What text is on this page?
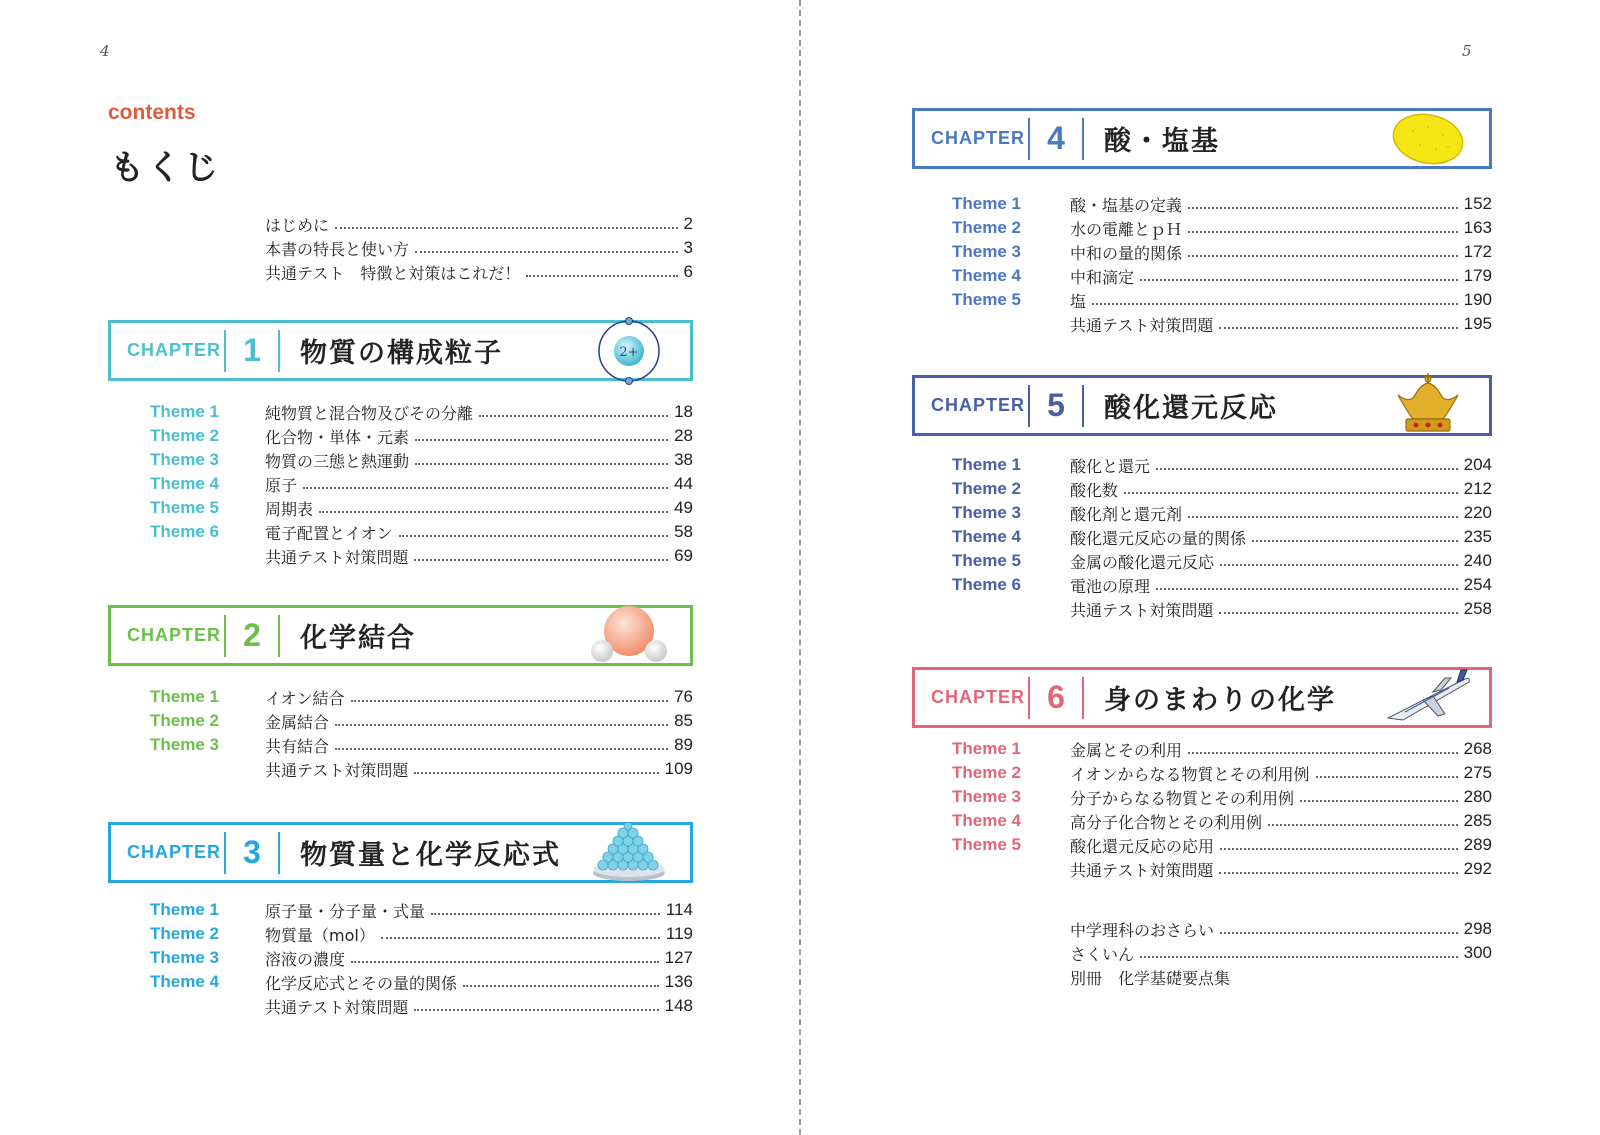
4
contents
もくじ
はじめに	2
本書の特長と使い方	3
共通テスト　特徴と対策はこれだ！	6
CHAPTER 1	物質の構成粒子	2+
Theme 1	純物質と混合物及びその分離	18
Theme 2	化合物・単体・元素	28
Theme 3	物質の三態と熱運動	38
Theme 4	原子	44
Theme 5	周期表	49
Theme 6	電子配置とイオン	58
共通テスト対策問題	69
CHAPTER 2	化学結合
Theme 1	イオン結合	76
Theme 2	金属結合	85
Theme 3	共有結合	89
共通テスト対策問題	109
CHAPTER 3	物質量と化学反応式
Theme 1	原子量・分子量・式量	114
Theme 2	物質量（mol）	119
Theme 3	溶液の濃度	127
Theme 4	化学反応式とその量的関係	136
共通テスト対策問題	148
5
CHAPTER 4	酸・塩基
Theme 1	酸・塩基の定義	152
Theme 2	水の電離とｐＨ	163
Theme 3	中和の量的関係	172
Theme 4	中和滴定	179
Theme 5	塩	190
共通テスト対策問題	195
CHAPTER 5	酸化還元反応
Theme 1	酸化と還元	204
Theme 2	酸化数	212
Theme 3	酸化剤と還元剤	220
Theme 4	酸化還元反応の量的関係	235
Theme 5	金属の酸化還元反応	240
Theme 6	電池の原理	254
共通テスト対策問題	258
CHAPTER 6	身のまわりの化学
Theme 1	金属とその利用	268
Theme 2	イオンからなる物質とその利用例	275
Theme 3	分子からなる物質とその利用例	280
Theme 4	高分子化合物とその利用例	285
Theme 5	酸化還元反応の応用	289
共通テスト対策問題	292
中学理科のおさらい	298
さくいん	300
別冊　化学基礎要点集
